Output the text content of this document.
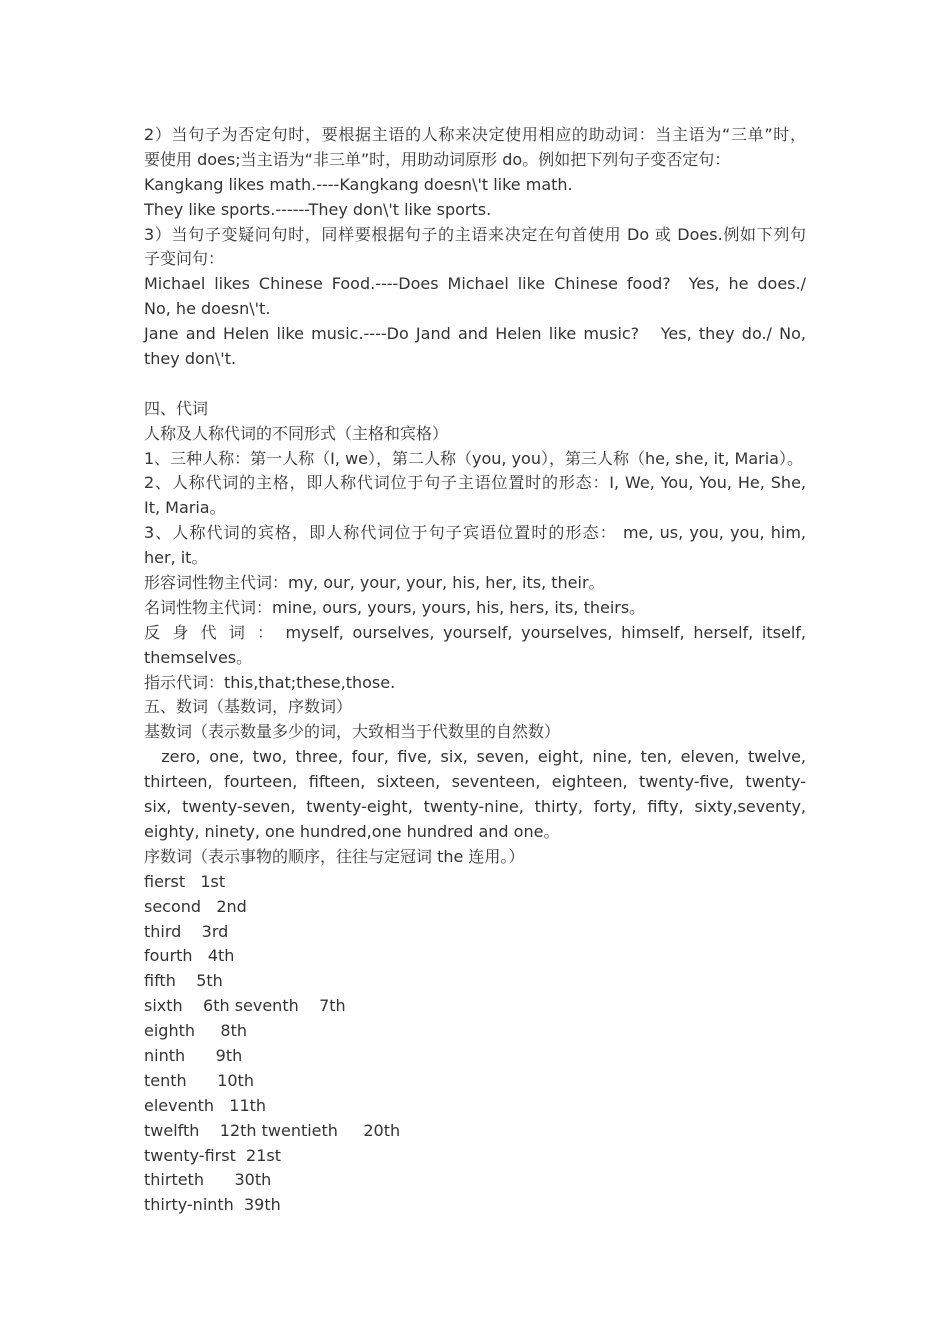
2）当句子为否定句时，要根据主语的人称来决定使用相应的助动词：当主语为“三单”时，
要使用 does;当主语为“非三单”时，用助动词原形 do。例如把下列句子变否定句：
Kangkang likes math.----Kangkang doesn\'t like math.
They like sports.------They don\'t like sports.
3）当句子变疑问句时，同样要根据句子的主语来决定在句首使用 Do 或 Does.例如下列句
子变问句：
Michael likes Chinese Food.----Does Michael like Chinese food?  Yes, he does./
No, he doesn\'t.
Jane and Helen like music.----Do Jand and Helen like music?   Yes, they do./ No,
they don\'t.
四、代词
人称及人称代词的不同形式（主格和宾格）
1、三种人称：第一人称（I, we），第二人称（you, you），第三人称（he, she, it, Maria）。
2、人称代词的主格，即人称代词位于句子主语位置时的形态：I, We, You, You, He, She,
It, Maria。
3、人称代词的宾格，即人称代词位于句子宾语位置时的形态： me, us, you, you, him,
her, it。
形容词性物主代词：my, our, your, your, his, her, its, their。
名词性物主代词：mine, ours, yours, yours, his, hers, its, theirs。
反 身 代 词 ： myself, ourselves, yourself, yourselves, himself, herself, itself,
themselves。
指示代词：this,that;these,those.
五、数词（基数词，序数词）
基数词（表示数量多少的词，大致相当于代数里的自然数）
zero, one, two, three, four, five, six, seven, eight, nine, ten, eleven, twelve,
thirteen, fourteen, fifteen, sixteen, seventeen, eighteen, twenty-five, twenty-
six, twenty-seven, twenty-eight, twenty-nine, thirty, forty, fifty, sixty,seventy,
eighty, ninety, one hundred,one hundred and one。
序数词（表示事物的顺序，往往与定冠词 the 连用。）
fierst   1st
second   2nd
third    3rd
fourth   4th
fifth    5th
sixth    6th seventh    7th
eighth     8th
ninth      9th
tenth      10th
eleventh   11th
twelfth    12th twentieth     20th
twenty-first  21st
thirteth      30th
thirty-ninth  39th
